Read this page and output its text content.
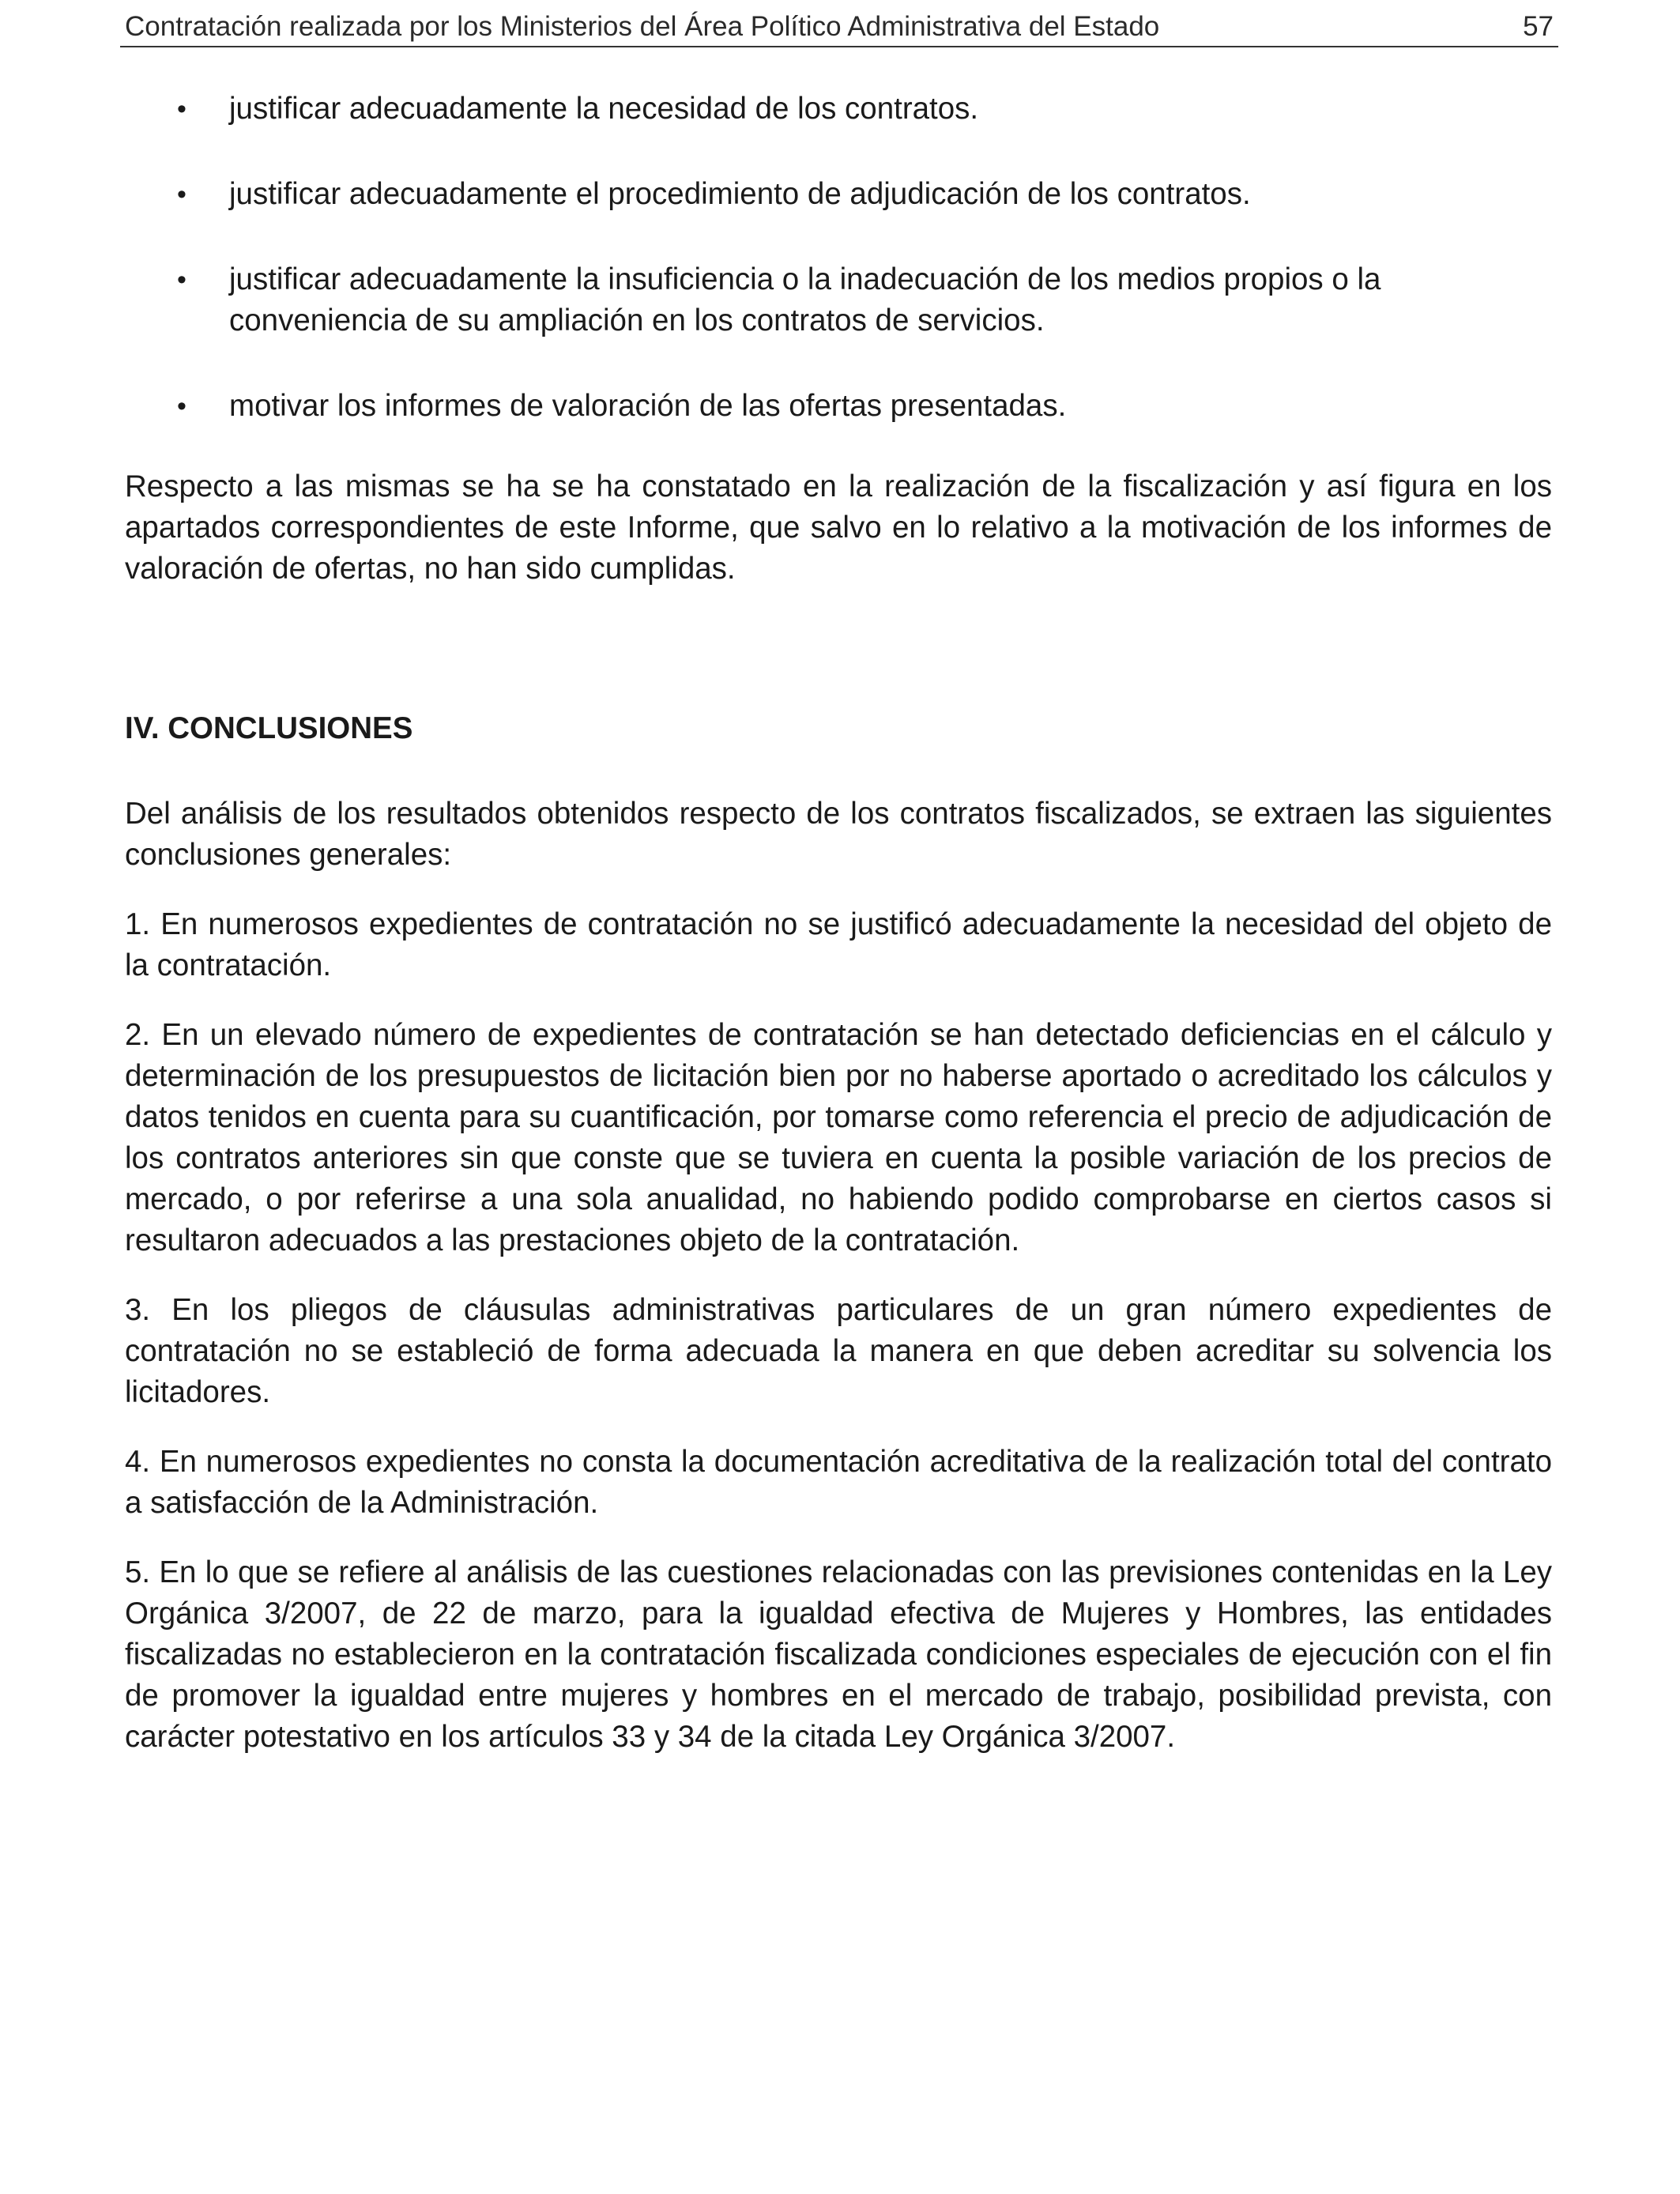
Contratación realizada por los Ministerios del Área Político Administrativa del Estado	57
• justificar adecuadamente la necesidad de los contratos.
• justificar adecuadamente el procedimiento de adjudicación de los contratos.
• justificar adecuadamente la insuficiencia o la inadecuación de los medios propios o la conveniencia de su ampliación en los contratos de servicios.
• motivar los informes de valoración de las ofertas presentadas.

Respecto a las mismas se ha se ha constatado en la realización de la fiscalización y así figura en los apartados correspondientes de este Informe, que salvo en lo relativo a la motivación de los informes de valoración de ofertas, no han sido cumplidas.

IV. CONCLUSIONES

Del análisis de los resultados obtenidos respecto de los contratos fiscalizados, se extraen las siguientes conclusiones generales:

1. En numerosos expedientes de contratación no se justificó adecuadamente la necesidad del objeto de la contratación.

2. En un elevado número de expedientes de contratación se han detectado deficiencias en el cálculo y determinación de los presupuestos de licitación bien por no haberse aportado o acreditado los cálculos y datos tenidos en cuenta para su cuantificación, por tomarse como referencia el precio de adjudicación de los contratos anteriores sin que conste que se tuviera en cuenta la posible variación de los precios de mercado, o por referirse a una sola anualidad, no habiendo podido comprobarse en ciertos casos si resultaron adecuados a las prestaciones objeto de la contratación.

3. En los pliegos de cláusulas administrativas particulares de un gran número expedientes de contratación no se estableció de forma adecuada la manera en que deben acreditar su solvencia los licitadores.

4. En numerosos expedientes no consta la documentación acreditativa de la realización total del contrato a satisfacción de la Administración.

5. En lo que se refiere al análisis de las cuestiones relacionadas con las previsiones contenidas en la Ley Orgánica 3/2007, de 22 de marzo, para la igualdad efectiva de Mujeres y Hombres, las entidades fiscalizadas no establecieron en la contratación fiscalizada condiciones especiales de ejecución con el fin de promover la igualdad entre mujeres y hombres en el mercado de trabajo, posibilidad prevista, con carácter potestativo en los artículos 33 y 34 de la citada Ley Orgánica 3/2007.
